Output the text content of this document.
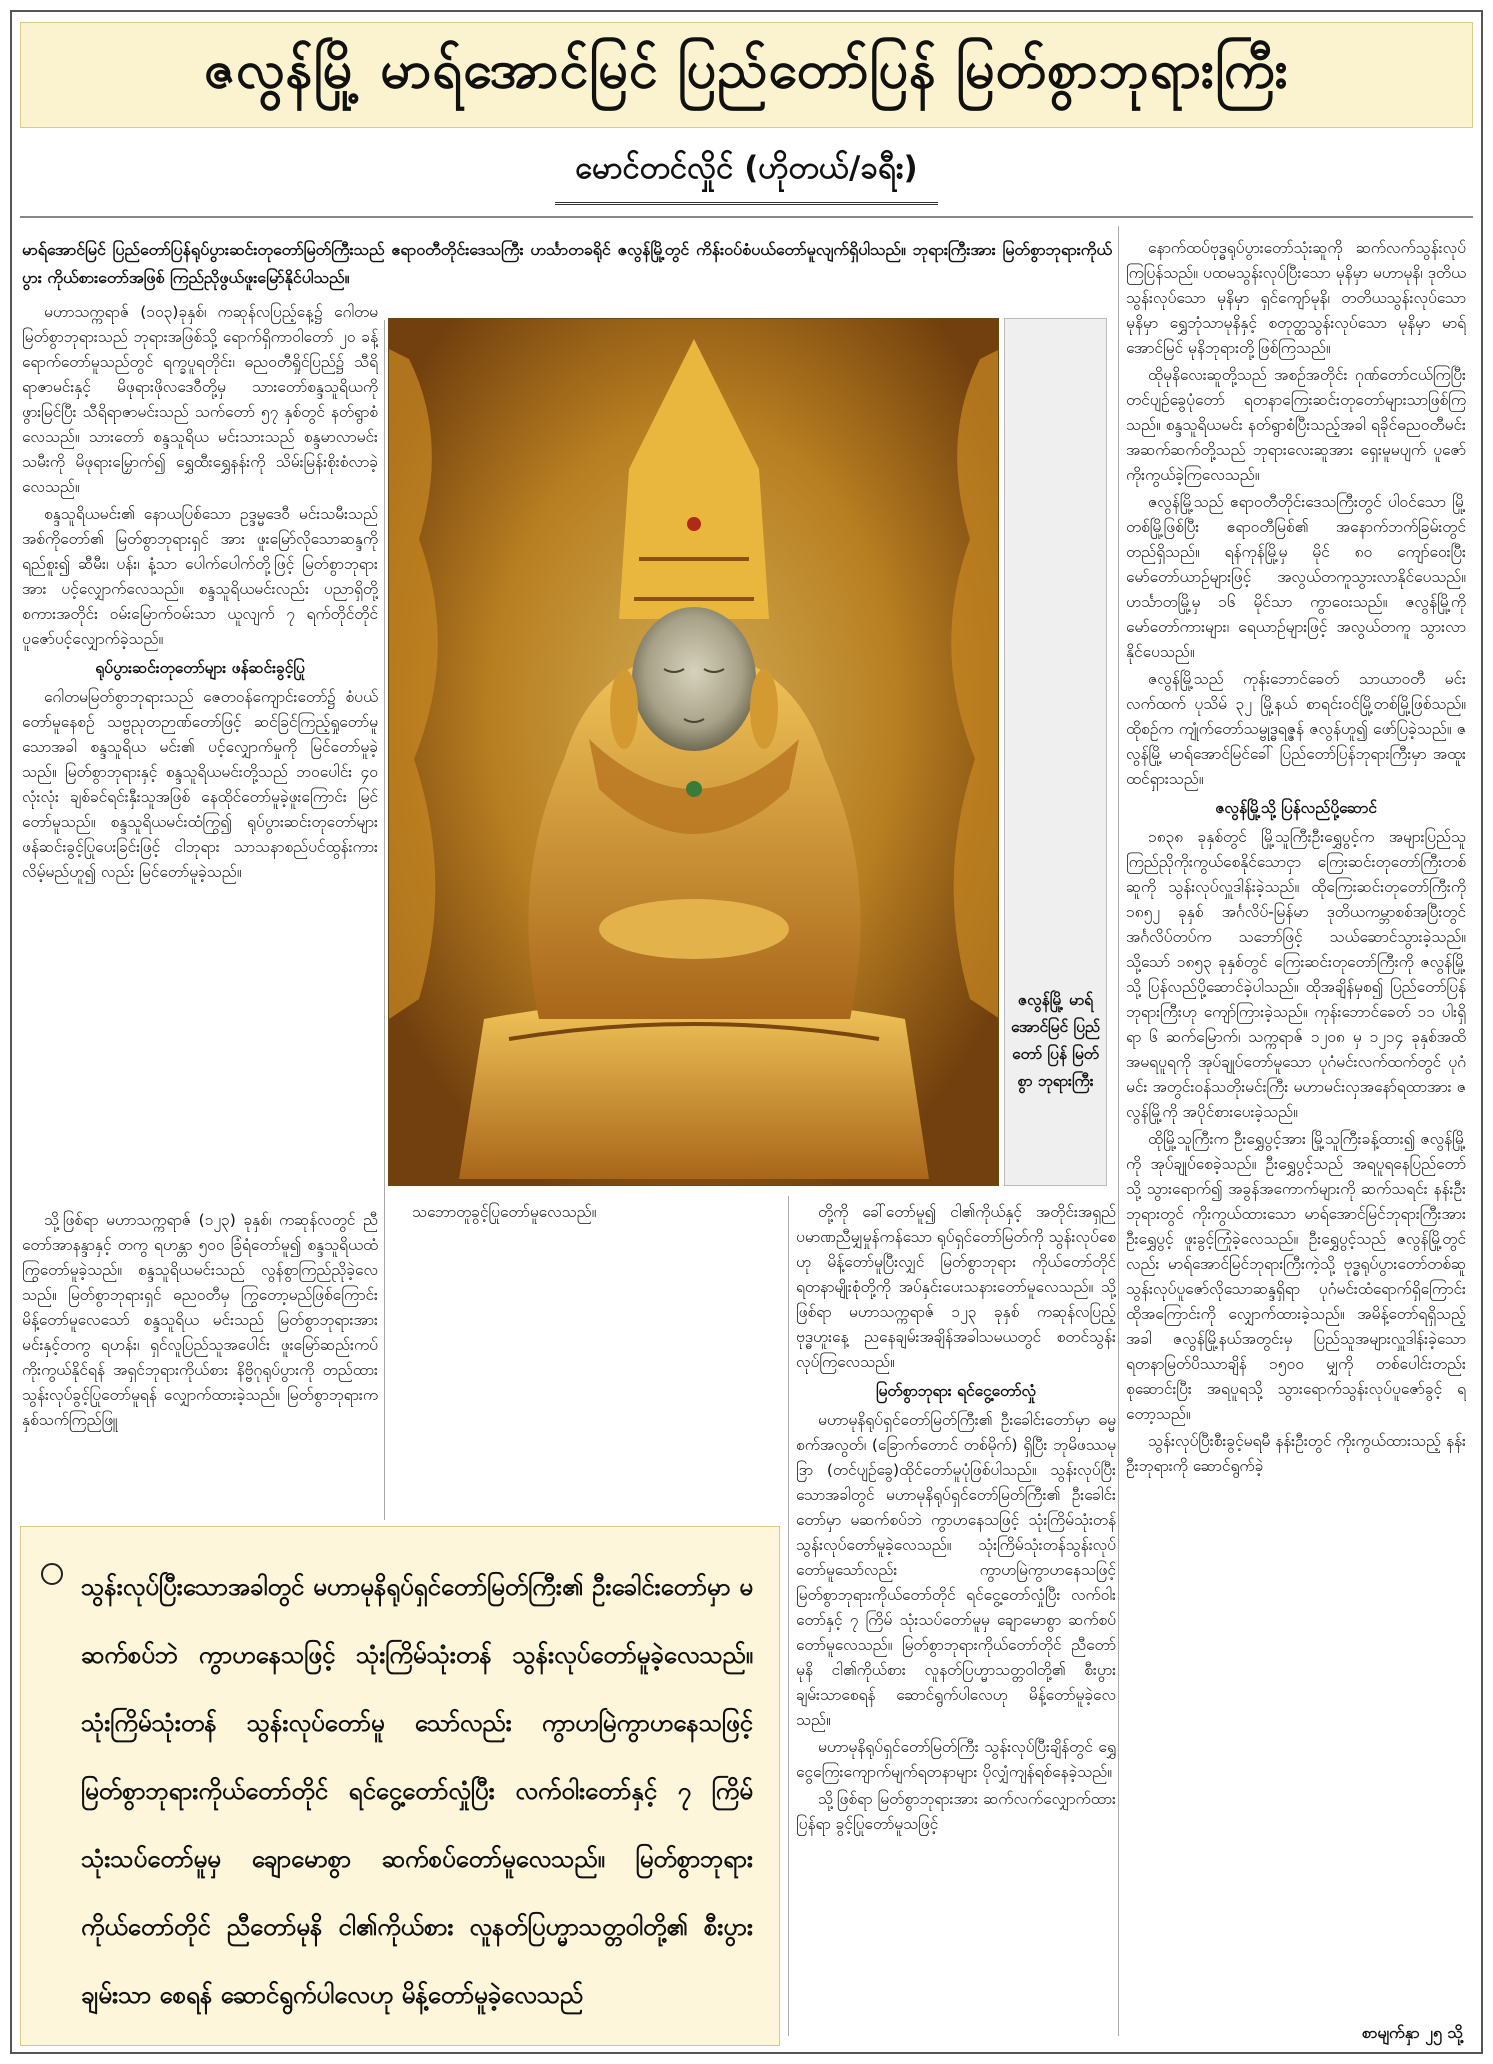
ဇလွန်မြို့ မာရ်အောင်မြင် ပြည်တော်ပြန် မြတ်စွာဘုရားကြီး
မောင်တင်လှိုင် (ဟိုတယ်/ခရီး)
မာရ်အောင်မြင် ပြည်တော်ပြန်ရုပ်ပွားဆင်းတုတော်မြတ်ကြီးသည် ဧရာဝတီတိုင်းဒေသကြီး ဟင်္သာတခရိုင် ဇလွန်မြို့တွင် ကိန်းဝပ်စံပယ်တော်မူလျက်ရှိပါသည်။ ဘုရားကြီးအား မြတ်စွာဘုရားကိုယ်ပွား ကိုယ်စားတော်အဖြစ် ကြည်ညိုဖွယ်ဖူးမြော်နိုင်ပါသည်။

မဟာသက္ကရာဇ် (၁၀၃)ခုနှစ်၊ ကဆုန်လပြည့်နေ့၌ ဂေါတမမြတ်စွာဘုရားသည် ဘုရားအဖြစ်သို့ ရောက်ရှိကာဝါတော် ၂၀ ခန့်ရောက်တော်မူသည်တွင် ရက္ခပူရတိုင်း၊ ဓညဝတီရှိုင်ပြည်၌ သီရိရာဇာမင်းနှင့် မိဖုရားဖိုလဒေဝီတို့မှ သားတော်စန္ဒသူရိယကို ဖွားမြင်ပြီး သီရိရာဇာမင်းသည် သက်တော် ၅၇ နှစ်တွင် နတ်ရွာစံလေသည်။ သားတော် စန္ဒသူရိယ မင်းသားသည် စန္ဒမာလာမင်းသမီးကို မိဖုရားမြှောက်၍ ရွှေထီးရွှေနန်းကို သိမ်းမြန်းစိုးစံလာခဲ့လေသည်။

စန္ဒသူရိယမင်း၏ နောယပြစ်သော ဥဒ္ဒမ္မဒေဝီ မင်းသမီးသည် အစ်ကိုတော်၏ မြတ်စွာဘုရားရှင် အား ဖူးမြော်လိုသောဆန္ဒကို ရည်စူး၍ ဆီမီး၊ ပန်း၊ နံ့သာ ပေါက်ပေါက်တို့ဖြင့် မြတ်စွာဘုရားအား ပင့်လျှောက်လေသည်။ စန္ဒသူရိယမင်းလည်း ပညာရှိတို့ စကားအတိုင်း ဝမ်းမြောက်ဝမ်းသာ ယူလျက် ၇ ရက်တိုင်တိုင် ပူဇော်ပင့်လျှောက်ခဲ့သည်။

ရုပ်ပွားဆင်းတုတော်များ ဖန်ဆင်းခွင့်ပြု

ဂေါတမမြတ်စွာဘုရားသည် ဇေတဝန်ကျောင်းတော်၌ စံပယ်တော်မူနေစဉ် သဗ္ဗညုတဉာဏ်တော်ဖြင့် ဆင်ခြင်ကြည့်ရှုတော်မူသောအခါ စန္ဒသူရိယ မင်း၏ ပင့်လျှောက်မှုကို မြင်တော်မူခဲ့သည်။ မြတ်စွာဘုရားနှင့် စန္ဒသူရိယမင်းတို့သည် ဘဝပေါင်း ၄၀ လုံးလုံး ချစ်ခင်ရင်းနှီးသူအဖြစ် နေထိုင်တော်မူခဲ့ဖူးကြောင်း မြင်တော်မူသည်။ စန္ဒသူရိယမင်းထံကြွ၍ ရုပ်ပွားဆင်းတုတော်များ ဖန်ဆင်းခွင့်ပြုပေးခြင်းဖြင့် ငါဘုရား သာသနာစည်ပင်ထွန်းကားလိမ့်မည်ဟူ၍ လည်း မြင်တော်မူခဲ့သည်။

သို့ဖြစ်ရာ မဟာသက္ကရာဇ် (၁၂၃) ခုနှစ်၊ ကဆုန်လတွင် ညီတော်အာနန္ဒာနှင့် တကွ ရဟန္တာ ၅၀၀ ခြံရံတော်မူ၍ စန္ဒသူရိယထံ ကြွတော်မူခဲ့သည်။ စန္ဒသူရိယမင်းသည် လွန်စွာကြည်ညိုခဲ့လေသည်။ မြတ်စွာဘုရားရှင် ဓညဝတီမှ ကြွတော့မည်ဖြစ်ကြောင်း မိန့်တော်မူလေသော် စန္ဒသူရိယ မင်းသည် မြတ်စွာဘုရားအား မင်းနှင့်တကွ ရဟန်း၊ ရှင်လူပြည်သူအပေါင်း ဖူးမြော်ဆည်းကပ်ကိုးကွယ်နိုင်ရန် အရှင်ဘုရားကိုယ်စား နိဗ္ဗိဂုရုပ်ပွားကို တည်ထားသွန်းလုပ်ခွင့်ပြုတော်မူရန် လျှောက်ထားခဲ့သည်။ မြတ်စွာဘုရားက နှစ်သက်ကြည်ဖြူ

ဇလွန်မြို့ မာရ် အောင်မြင် ပြည်တော် ပြန် မြတ်စွာ ဘုရားကြီး

သဘောတူခွင့်ပြုတော်မူလေသည်။	တို့ကို ခေါ်တော်မူ၍ ငါ၏ကိုယ်နှင့် အတိုင်းအရှည် ပမာဏညီမျှမှုန်ကန်သော ရုပ်ရှင်တော်မြတ်ကို သွန်းလုပ်စေဟု မိန့်တော်မူပြီးလျှင် မြတ်စွာဘုရား ကိုယ်တော်တိုင် ရတနာမျိုးစုံတို့ကို အပ်နှင်းပေးသနားတော်မူလေသည်။ သို့ဖြစ်ရာ မဟာသက္ကရာဇ် ၁၂၃ ခုနှစ် ကဆုန်လပြည့် ဗုဒ္ဓဟူးနေ့ ညနေချမ်းအချိန်အခါသမယတွင် စတင်သွန်းလုပ်ကြလေသည်။

မြတ်စွာဘုရား ရင်ငွေ့တော်လှုံ

မဟာမုနိရုပ်ရှင်တော်မြတ်ကြီး၏ ဦးခေါင်းတော်မှာ ဓမ္မစက်အလွတ်၊ (ခြောက်တောင် တစ်မိုက်) ရှိပြီး ဘုမိဖဿမုဒြာ (တင်ပျဉ်ခွေ)ထိုင်တော်မူပုံဖြစ်ပါသည်။ သွန်းလုပ်ပြီးသောအခါတွင် မဟာမုနိရုပ်ရှင်တော်မြတ်ကြီး၏ ဦးခေါင်းတော်မှာ မဆက်စပ်ဘဲ ကွာဟနေသဖြင့် သုံးကြိမ်သုံးတန် သွန်းလုပ်တော်မူခဲ့လေသည်။ သုံးကြိမ်သုံးတန်သွန်းလုပ်တော်မူသော်လည်း ကွာဟမြဲကွာဟနေသဖြင့် မြတ်စွာဘုရားကိုယ်တော်တိုင် ရင်ငွေ့တော်လှုံပြီး လက်ဝါးတော်နှင့် ၇ ကြိမ် သုံးသပ်တော်မူမှ ချောမောစွာ ဆက်စပ်တော်မူလေသည်။ မြတ်စွာဘုရားကိုယ်တော်တိုင် ညီတော်မုနိ ငါ၏ကိုယ်စား လူနတ်ပြဟ္မာသတ္တဝါတို့၏ စီးပွားချမ်းသာစေရန် ဆောင်ရွက်ပါလေဟု မိန့်တော်မူခဲ့လေသည်။

မဟာမုနိရုပ်ရှင်တော်မြတ်ကြီး သွန်းလုပ်ပြီးချိန်တွင် ရွှေငွေကြေးကျောက်မျက်ရတနာများ ပိုလျှံကျန်ရစ်နေခဲ့သည်။

သို့ဖြစ်ရာ မြတ်စွာဘုရားအား ဆက်လက်လျှောက်ထားပြန်ရာ ခွင့်ပြုတော်မူသဖြင့်

နောက်ထပ်ဗုဒ္ဓရုပ်ပွားတော်သုံးဆူကို ဆက်လက်သွန်းလုပ်ကြပြန်သည်။ ပထမသွန်းလုပ်ပြီးသော မုနိမှာ မဟာမုနိ၊ ဒုတိယသွန်းလုပ်သော မုနိမှာ ရှင်ကျော်မုနိ၊ တတိယသွန်းလုပ်သော မုနိမှာ ရွှေဘုံသာမုနိနှင့် စတုတ္ထသွန်းလုပ်သော မုနိမှာ မာရ်အောင်မြင် မုနိဘုရားတို့ဖြစ်ကြသည်။

ထိုမုနိလေးဆူတို့သည် အစဉ်အတိုင်း ဂုဏ်တော်ငယ်ကြပြီး တင်ပျဉ်ခွေပုံတော် ရတနာကြေးဆင်းတုတော်များသာဖြစ်ကြသည်။ စန္ဒသူရိယမင်း နတ်ရွာစံပြီးသည့်အခါ ရခိုင်ဓညဝတီမင်း အဆက်ဆက်တို့သည် ဘုရားလေးဆူအား ရှေးမူမပျက် ပူဇော်ကိုးကွယ်ခဲ့ကြလေသည်။

ဇလွန်မြို့သည် ဧရာဝတီတိုင်းဒေသကြီးတွင် ပါဝင်သော မြို့တစ်မြို့ဖြစ်ပြီး ဧရာဝတီမြစ်၏ အနောက်ဘက်ခြမ်းတွင် တည်ရှိသည်။ ရန်ကုန်မြို့မှ မိုင် ၈၀ ကျော်ဝေးပြီး မော်တော်ယာဉ်များဖြင့် အလွယ်တကူသွားလာနိုင်ပေသည်။ ဟင်္သာတမြို့မှ ၁၆ မိုင်သာ ကွာဝေးသည်။ ဇလွန်မြို့ကို မော်တော်ကားများ၊ ရေယာဉ်များဖြင့် အလွယ်တကူ သွားလာနိုင်ပေသည်။

ဇလွန်မြို့သည် ကုန်းဘောင်ခေတ် သာယာဝတီ မင်းလက်ထက် ပုသိမ် ၃၂ မြို့နယ် စာရင်းဝင်မြို့တစ်မြို့ဖြစ်သည်။ ထိုစဉ်က ကျုံက်တော်သမ္ဗုဒ္ဓရဇ္ဇန် ဇလွန်ဟူ၍ ဖော်ပြခဲ့သည်။ ဇလွန်မြို့ မာရ်အောင်မြင်ခေါ် ပြည်တော်ပြန်ဘုရားကြီးမှာ အထူးထင်ရှားသည်။

ဇလွန်မြို့သို့ ပြန်လည်ပို့ဆောင်

၁၈၃၈ ခုနှစ်တွင် မြို့သူကြီးဦးရွှေပွင့်က အများပြည်သူကြည်ညိုကိုးကွယ်စေနိုင်သောငှာ ကြေးဆင်းတုတော်ကြီးတစ်ဆူကို သွန်းလုပ်လှူဒါန်းခဲ့သည်။ ထိုကြေးဆင်းတုတော်ကြီးကို ၁၈၅၂ ခုနှစ် အင်္ဂလိပ်-မြန်မာ ဒုတိယကမ္ဘာစစ်အပြီးတွင် အင်္ဂလိပ်တပ်က သဘော်ဖြင့် သယ်ဆောင်သွားခဲ့သည်။ သို့သော် ၁၈၅၃ ခုနှစ်တွင် ကြေးဆင်းတုတော်ကြီးကို ဇလွန်မြို့သို့ ပြန်လည်ပို့ဆောင်ခဲ့ပါသည်။ ထိုအချိန်မှစ၍ ပြည်တော်ပြန်ဘုရားကြီးဟု ကျော်ကြားခဲ့သည်။ ကုန်းဘောင်ခေတ် ၁၁ ပါးရှိရာ ၆ ဆက်မြောက်၊ သက္ကရာဇ် ၁၂၀၈ မှ ၁၂၁၄ ခုနှစ်အထိ အမရပူရကို အုပ်ချုပ်တော်မူသော ပုဂံမင်းလက်ထက်တွင် ပုဂံမင်း အတွင်းဝန်သတိုးမင်းကြီး မဟာမင်းလှအနော်ရထာအား ဇလွန်မြို့ကို အပိုင်စားပေးခဲ့သည်။

ထိုမြို့သူကြီးက ဦးရွှေပွင့်အား မြို့သူကြီးခန့်ထား၍ ဇလွန်မြို့ကို အုပ်ချုပ်စေခဲ့သည်။ ဦးရွှေပွင့်သည် အရပူရနေပြည်တော်သို့ သွားရောက်၍ အခွန်အကောက်များကို ဆက်သရင်း နန်းဦးဘုရားတွင် ကိုးကွယ်ထားသော မာရ်အောင်မြင်ဘုရားကြီးအား ဦးရွှေပွင့် ဖူးခွင့်ကြုံခဲ့လေသည်။ ဦးရွှေပွင့်သည် ဇလွန်မြို့တွင်လည်း မာရ်အောင်မြင်ဘုရားကြီးကဲ့သို့ ဗုဒ္ဓရုပ်ပွားတော်တစ်ဆူ သွန်းလုပ်ပူဇော်လိုသောဆန္ဒရှိရာ ပုဂံမင်းထံရောက်ရှိကြောင်း ထိုအကြောင်းကို လျှောက်ထားခဲ့သည်။ အမိန့်တော်ရရှိသည့်အခါ ဇလွန်မြို့နယ်အတွင်းမှ ပြည်သူအများလှူဒါန်းခဲ့သော ရတနာမြတ်ပိဿာချိန် ၁၅၀၀ မျှကို တစ်ပေါင်းတည်း စုဆောင်းပြီး အရပူရသို့ သွားရောက်သွန်းလုပ်ပူဇော်ခွင့် ရတော့သည်။

သွန်းလုပ်ပြီးစီးခွင့်မရမီ နန်းဦးတွင် ကိုးကွယ်ထားသည့် နန်းဦးဘုရားကို ဆောင်ရွက်ခဲ့

စာမျက်နှာ ၂၅ သို့

သွန်းလုပ်ပြီးသောအခါတွင် မဟာမုနိရုပ်ရှင်တော်မြတ်ကြီး၏ ဦးခေါင်းတော်မှာ မဆက်စပ်ဘဲ ကွာဟနေသဖြင့် သုံးကြိမ်သုံးတန် သွန်းလုပ်တော်မူခဲ့လေသည်။ သုံးကြိမ်သုံးတန် သွန်းလုပ်တော်မူ သော်လည်း ကွာဟမြဲကွာဟနေသဖြင့် မြတ်စွာဘုရားကိုယ်တော်တိုင် ရင်ငွေ့တော်လှုံပြီး လက်ဝါးတော်နှင့် ၇ ကြိမ် သုံးသပ်တော်မူမှ ချောမောစွာ ဆက်စပ်တော်မူလေသည်။ မြတ်စွာဘုရားကိုယ်တော်တိုင် ညီတော်မုနိ ငါ၏ကိုယ်စား လူနတ်ပြဟ္မာသတ္တဝါတို့၏ စီးပွားချမ်းသာ စေရန် ဆောင်ရွက်ပါလေဟု မိန့်တော်မူခဲ့လေသည်
